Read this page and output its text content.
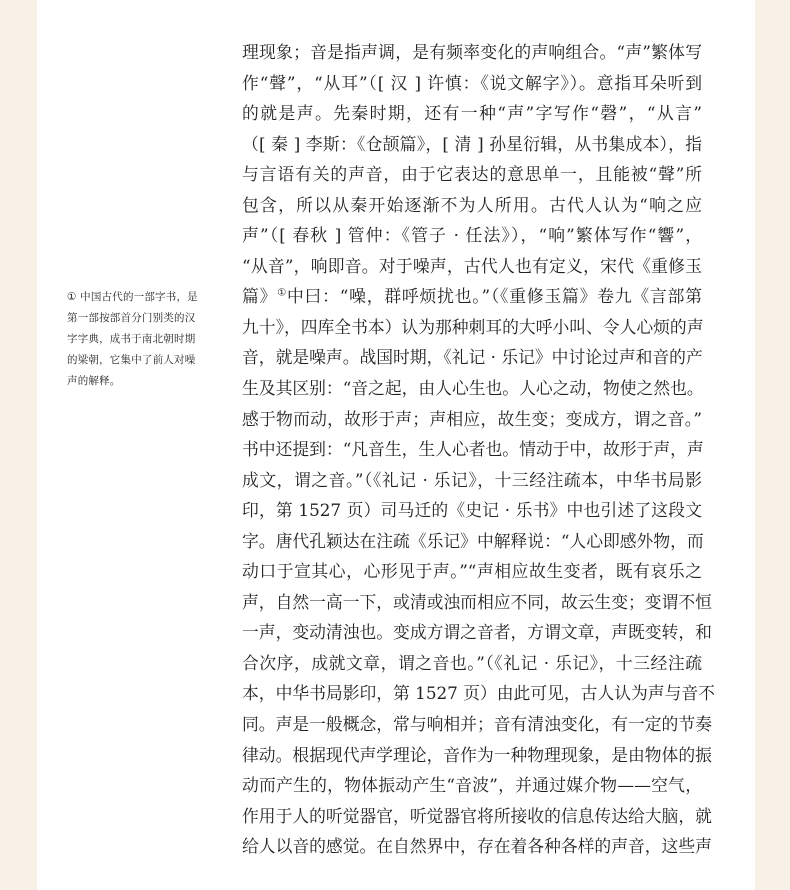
① 中国古代的一部字书，是
第一部按部首分门别类的汉
字字典，成书于南北朝时期
的梁朝，它集中了前人对噪
声的解释。
理现象；音是指声调，是有频率变化的声响组合。“声”繁体写
作“聲”，“从耳”（[ 汉 ] 许慎：《说文解字》）。意指耳朵听到
的就是声。先秦时期，还有一种“声”字写作“磬”，“从言”
（[ 秦 ] 李斯：《仓颉篇》，[ 清 ] 孙星衍辑，从书集成本），指
与言语有关的声音，由于它表达的意思单一，且能被“聲”所
包含，所以从秦开始逐渐不为人所用。古代人认为“响之应
声”（[ 春秋 ] 管仲：《管子 · 任法》），“响”繁体写作“響”，
“从音”，响即音。对于噪声，古代人也有定义，宋代《重修玉
篇》①中曰：“噪，群呼烦扰也。”（《重修玉篇》卷九《言部第
九十》，四库全书本）认为那种刺耳的大呼小叫、令人心烦的声
音，就是噪声。战国时期，《礼记 · 乐记》中讨论过声和音的产
生及其区别：“音之起，由人心生也。人心之动，物使之然也。
感于物而动，故形于声；声相应，故生变；变成方，谓之音。”
书中还提到：“凡音生，生人心者也。情动于中，故形于声，声
成文，谓之音。”（《礼记 · 乐记》，十三经注疏本，中华书局影
印，第 1527 页）司马迁的《史记 · 乐书》中也引述了这段文
字。唐代孔颖达在注疏《乐记》中解释说：“人心即感外物，而
动口于宣其心，心形见于声。”“声相应故生变者，既有哀乐之
声，自然一高一下，或清或浊而相应不同，故云生变；变谓不恒
一声，变动清浊也。变成方谓之音者，方谓文章，声既变转，和
合次序，成就文章，谓之音也。”（《礼记 · 乐记》，十三经注疏
本，中华书局影印，第 1527 页）由此可见，古人认为声与音不
同。声是一般概念，常与响相并；音有清浊变化，有一定的节奏
律动。根据现代声学理论，音作为一种物理现象，是由物体的振
动而产生的，物体振动产生“音波”，并通过媒介物——空气，
作用于人的听觉器官，听觉器官将所接收的信息传达给大脑，就
给人以音的感觉。在自然界中，存在着各种各样的声音，这些声
